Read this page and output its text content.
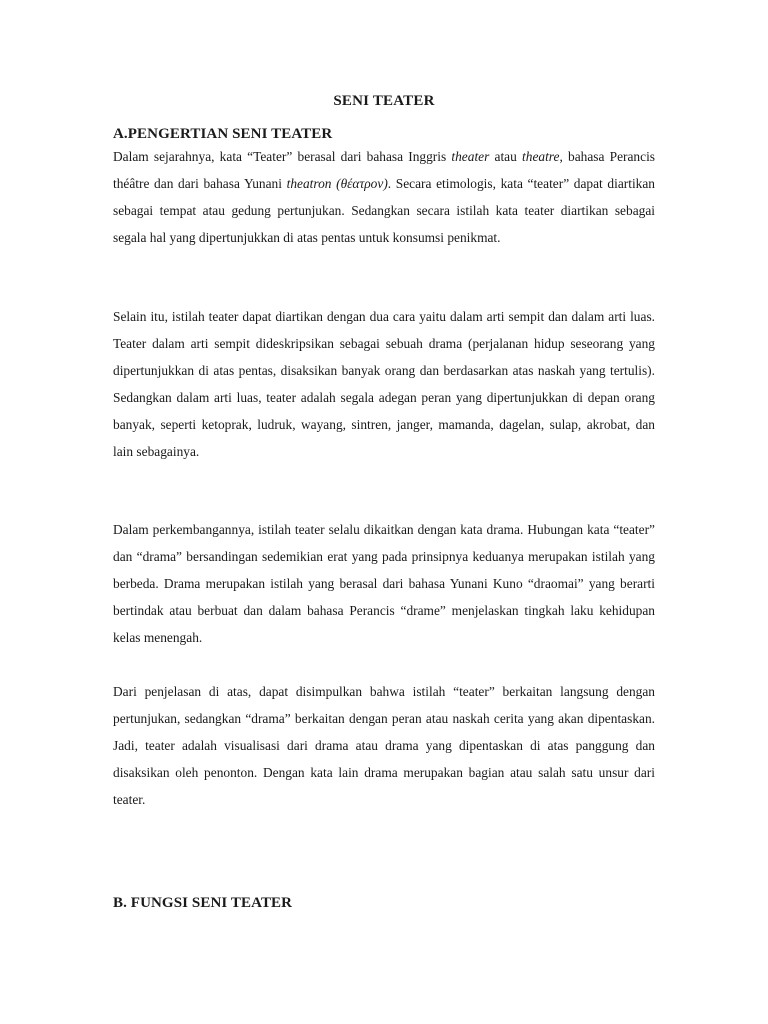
SENI TEATER
A.PENGERTIAN SENI TEATER

Dalam sejarahnya, kata “Teater” berasal dari bahasa Inggris theater atau theatre, bahasa Perancis théâtre dan dari bahasa Yunani theatron (θέατρον). Secara etimologis, kata “teater” dapat diartikan sebagai tempat atau gedung pertunjukan. Sedangkan secara istilah kata teater diartikan sebagai segala hal yang dipertunjukkan di atas pentas untuk konsumsi penikmat.

Selain itu, istilah teater dapat diartikan dengan dua cara yaitu dalam arti sempit dan dalam arti luas. Teater dalam arti sempit dideskripsikan sebagai sebuah drama (perjalanan hidup seseorang yang dipertunjukkan di atas pentas, disaksikan banyak orang dan berdasarkan atas naskah yang tertulis). Sedangkan dalam arti luas, teater adalah segala adegan peran yang dipertunjukkan di depan orang banyak, seperti ketoprak, ludruk, wayang, sintren, janger, mamanda, dagelan, sulap, akrobat, dan lain sebagainya.

Dalam perkembangannya, istilah teater selalu dikaitkan dengan kata drama. Hubungan kata “teater” dan “drama” bersandingan sedemikian erat yang pada prinsipnya keduanya merupakan istilah yang berbeda. Drama merupakan istilah yang berasal dari bahasa Yunani Kuno “draomai” yang berarti bertindak atau berbuat dan dalam bahasa Perancis “drame” menjelaskan tingkah laku kehidupan kelas menengah.

Dari penjelasan di atas, dapat disimpulkan bahwa istilah “teater” berkaitan langsung dengan pertunjukan, sedangkan “drama” berkaitan dengan peran atau naskah cerita yang akan dipentaskan. Jadi, teater adalah visualisasi dari drama atau drama yang dipentaskan di atas panggung dan disaksikan oleh penonton. Dengan kata lain drama merupakan bagian atau salah satu unsur dari teater.

B. FUNGSI SENI TEATER
